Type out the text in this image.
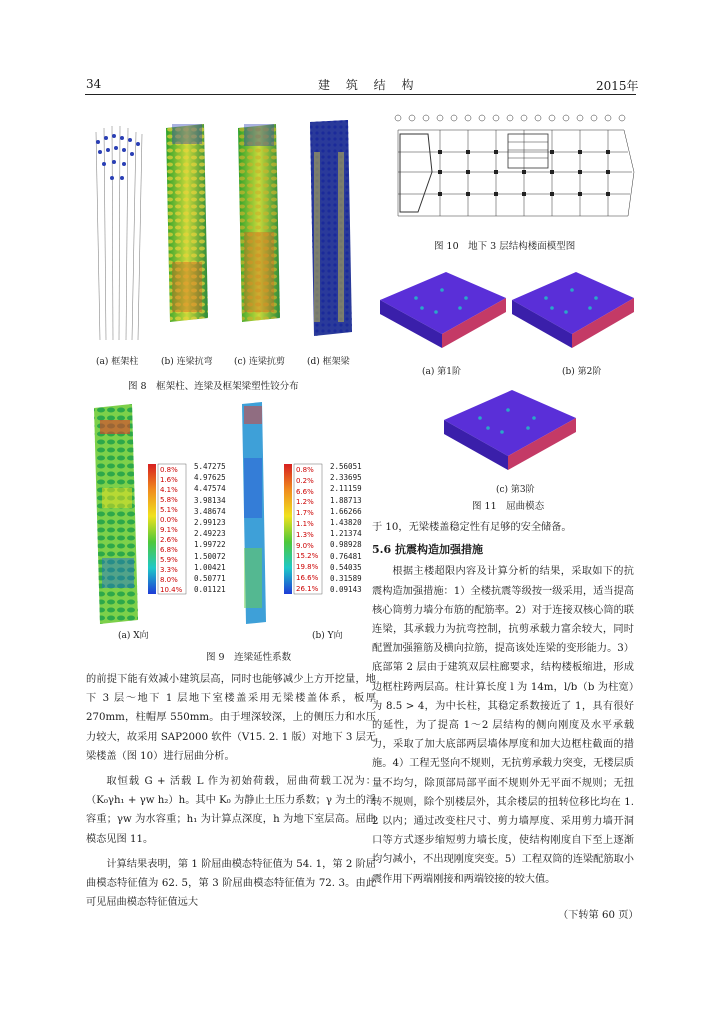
34	建 筑 结 构	2015年
(a) 框架柱	(b) 连梁抗弯 (c) 连梁抗剪 (d) 框架梁
图 8　框架柱、连梁及框架梁塑性铰分布
5.47275
4.97625
4.47574
3.98134
3.48674
2.99123
2.49223
1.99722
1.50072
1.00421
0.50771
0.01121
0.8%
1.6%
4.1%
5.8%
5.1%
0.0%
9.1%
2.6%
6.8%
5.9%
3.3%
8.0%
10.4%
2.56051
2.33695
2.11159
1.88713
1.66266
1.43820
1.21374
0.98928
0.76481
0.54035
0.31589
0.09143
0.8%
0.2%
6.6%
1.2%
1.7%
1.1%
1.3%
9.0%
15.2%
19.8%
16.6%
26.1%
(a) X向	(b) Y向
图 9　连梁延性系数

的前提下能有效减小建筑层高，同时也能够减少上方开挖量，地下 3 层～地下 1 层地下室楼盖采用无梁楼盖体系，板厚 270mm，柱帽厚 550mm。由于埋深较深，上的侧压力和水压力较大，故采用 SAP2000 软件（V15. 2. 1 版）对地下 3 层无梁楼盖（图 10）进行屈曲分析。

取恒载 G + 活载 L 作为初始荷载，屈曲荷载工况为：（K₀γh₁ + γw h₂）h。其中 K₀ 为静止土压力系数；γ 为土的浮容重；γw 为水容重；h₁ 为计算点深度，h 为地下室层高。屈曲模态见图 11。

计算结果表明，第 1 阶屈曲模态特征值为 54. 1，第 2 阶屈曲模态特征值为 62. 5，第 3 阶屈曲模态特征值为 72. 3。由此可见屈曲模态特征值远大

图 10　地下 3 层结构楼面模型图
(a) 第1阶	(b) 第2阶
(c) 第3阶
图 11　屈曲模态

于 10，无梁楼盖稳定性有足够的安全储备。

5.6 抗震构造加强措施

根据主楼超限内容及计算分析的结果，采取如下的抗震构造加强措施：1）全楼抗震等级按一级采用，适当提高核心筒剪力墙分布筋的配筋率。2）对于连接双核心筒的联连梁，其承载力为抗弯控制，抗剪承载力富余较大，同时配置加强箍筋及横向拉筋，提高该处连梁的变形能力。3）底部第 2 层由于建筑双层柱廊要求，结构楼板缩进，形成边框柱跨两层高。柱计算长度 l 为 14m，l/b（b 为柱宽）为 8.5 > 4，为中长柱，其稳定系数接近了 1，具有很好的延性，为了提高 1～2 层结构的侧向刚度及水平承载力，采取了加大底部两层墙体厚度和加大边框柱截面的措施。4）工程无竖向不规则，无抗剪承载力突变，无楼层质量不均匀，除顶部局部平面不规则外无平面不规则；无扭转不规则，除个别楼层外，其余楼层的扭转位移比均在 1. 2 以内；通过改变柱尺寸、剪力墙厚度、采用剪力墙开洞口等方式逐步缩短剪力墙长度，使结构刚度自下至上逐渐均匀减小，不出现刚度突变。5）工程双筒的连梁配筋取小震作用下两端刚接和两端铰接的较大值。

（下转第 60 页）
